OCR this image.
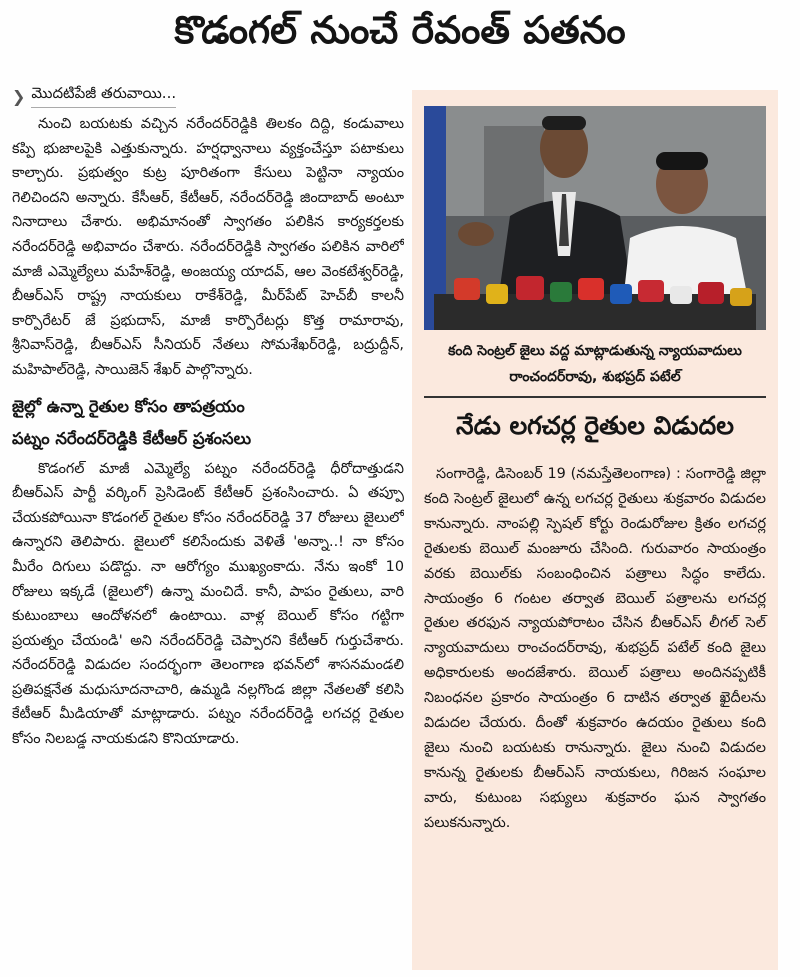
కొడంగల్ నుంచే రేవంత్ పతనం
❯ మొదటిపేజీ తరువాయి...

నుంచి బయటకు వచ్చిన నరేందర్‌రెడ్డికి తిలకం దిద్ది, కండువాలు కప్పి భుజాలపైకి ఎత్తుకున్నారు. హర్షధ్వానాలు వ్యక్తంచేస్తూ పటాకులు కాల్చారు. ప్రభుత్వం కుట్ర పూరితంగా కేసులు పెట్టినా న్యాయం గెలిచిందని అన్నారు. కేసీఆర్, కేటీఆర్, నరేందర్‌రెడ్డి జిందాబాద్ అంటూ నినాదాలు చేశారు. అభిమానంతో స్వాగతం పలికిన కార్యకర్తలకు నరేందర్‌రెడ్డి అభివాదం చేశారు. నరేందర్‌రెడ్డికి స్వాగతం పలికిన వారిలో మాజీ ఎమ్మెల్యేలు మహేశ్‌రెడ్డి, అంజయ్య యాదవ్, ఆల వెంకటేశ్వర్‌రెడ్డి, బీఆర్‌ఎస్ రాష్ట్ర నాయకులు రాకేశ్‌రెడ్డి, మీర్‌పేట్ హెచ్‌బీ కాలనీ కార్పొరేటర్ జే ప్రభుదాస్, మాజీ కార్పొరేటర్లు కొత్త రామారావు, శ్రీనివాస్‌రెడ్డి, బీఆర్‌ఎస్ సీనియర్ నేతలు సోమశేఖర్‌రెడ్డి, బద్రుద్దీన్, మహిపాల్‌రెడ్డి, సాయిజెన్ శేఖర్ పాల్గొన్నారు.

జైల్లో ఉన్నా రైతుల కోసం తాపత్రయం
పట్నం నరేందర్‌రెడ్డికి కేటీఆర్ ప్రశంసలు

కొడంగల్ మాజీ ఎమ్మెల్యే పట్నం నరేందర్‌రెడ్డి ధీరోదాత్తుడని బీఆర్‌ఎస్ పార్టీ వర్కింగ్ ప్రెసిడెంట్ కేటీఆర్ ప్రశంసించారు. ఏ తప్పూ చేయకపోయినా కొడంగల్ రైతుల కోసం నరేందర్‌రెడ్డి 37 రోజులు జైలులో ఉన్నారని తెలిపారు. జైలులో కలిసేందుకు వెళితే 'అన్నా..! నా కోసం మీరేం దిగులు పడొద్దు. నా ఆరోగ్యం ముఖ్యంకాదు. నేను ఇంకో 10 రోజులు ఇక్కడే (జైలులో) ఉన్నా మంచిదే. కానీ, పాపం రైతులు, వారి కుటుంబాలు ఆందోళనలో ఉంటాయి. వాళ్ల బెయిల్ కోసం గట్టిగా ప్రయత్నం చేయండి' అని నరేందర్‌రెడ్డి చెప్పారని కేటీఆర్ గుర్తుచేశారు. నరేందర్‌రెడ్డి విడుదల సందర్భంగా తెలంగాణ భవన్‌లో శాసనమండలి ప్రతిపక్షనేత మధుసూదనాచారి, ఉమ్మడి నల్లగొండ జిల్లా నేతలతో కలిసి కేటీఆర్ మీడియాతో మాట్లాడారు. పట్నం నరేందర్‌రెడ్డి లగచర్ల రైతుల కోసం నిలబడ్డ నాయకుడని కొనియాడారు.

కంది సెంట్రల్ జైలు వద్ద మాట్లాడుతున్న న్యాయవాదులు రాంచందర్‌రావు, శుభప్రద్ పటేల్
నేడు లగచర్ల రైతుల విడుదల

సంగారెడ్డి, డిసెంబర్ 19 (నమస్తేతెలంగాణ) : సంగారెడ్డి జిల్లా కంది సెంట్రల్ జైలులో ఉన్న లగచర్ల రైతులు శుక్రవారం విడుదల కానున్నారు. నాంపల్లి స్పెషల్ కోర్టు రెండురోజుల క్రితం లగచర్ల రైతులకు బెయిల్ మంజూరు చేసింది. గురువారం సాయంత్రం వరకు బెయిల్‌కు సంబంధించిన పత్రాలు సిద్ధం కాలేదు. సాయంత్రం 6 గంటల తర్వాత బెయిల్ పత్రాలను లగచర్ల రైతుల తరఫున న్యాయపోరాటం చేసిన బీఆర్‌ఎస్ లీగల్ సెల్ న్యాయవాదులు రాంచందర్‌రావు, శుభప్రద్ పటేల్ కంది జైలు అధికారులకు అందజేశారు. బెయిల్ పత్రాలు అందినప్పటికీ నిబంధనల ప్రకారం సాయంత్రం 6 దాటిన తర్వాత ఖైదీలను విడుదల చేయరు. దీంతో శుక్రవారం ఉదయం రైతులు కంది జైలు నుంచి బయటకు రానున్నారు. జైలు నుంచి విడుదల కానున్న రైతులకు బీఆర్‌ఎస్ నాయకులు, గిరిజన సంఘాల వారు, కుటుంబ సభ్యులు శుక్రవారం ఘన స్వాగతం పలుకనున్నారు.
